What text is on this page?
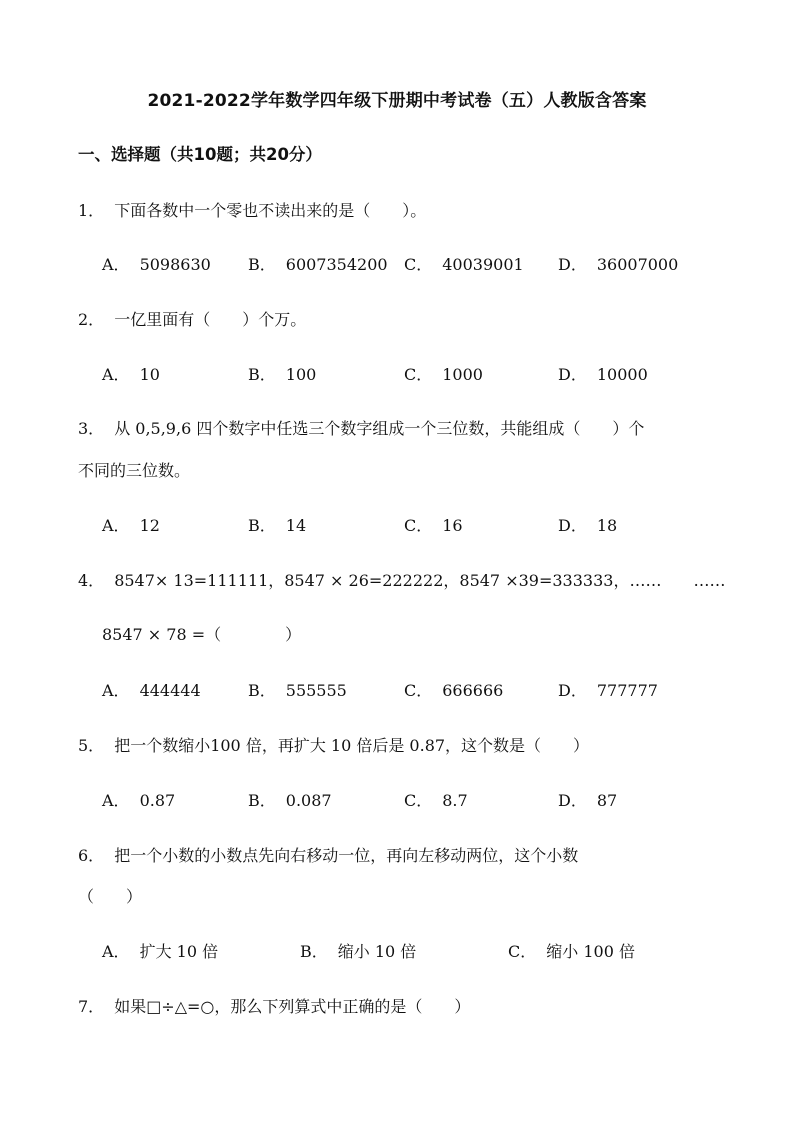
2021-2022学年数学四年级下册期中考试卷（五）人教版含答案
一、选择题（共10题；共20分）
1． 下面各数中一个零也不读出来的是（　　）。
A． 5098630 B． 6007354200 C． 40039001 D． 36007000
2． 一亿里面有（　　）个万。
A． 10	B． 100	C． 1000	D． 10000
3． 从 0,5,9,6 四个数字中任选三个数字组成一个三位数，共能组成（　　）个
不同的三位数。
A． 12	B． 14	C． 16	D． 18
4． 8547× 13=111111，8547 × 26=222222，8547 ×39=333333，……　　……
8547 × 78 =（　　　　）
A． 444444	B． 555555	C． 666666	D． 777777
5． 把一个数缩小100 倍，再扩大 10 倍后是 0.87，这个数是（　　）
A． 0.87	B． 0.087	C． 8.7	D． 87
6． 把一个小数的小数点先向右移动一位，再向左移动两位，这个小数
（　　）
A． 扩大 10 倍	B． 缩小 10 倍	C． 缩小 100 倍
7． 如果□÷△=○，那么下列算式中正确的是（　　）
